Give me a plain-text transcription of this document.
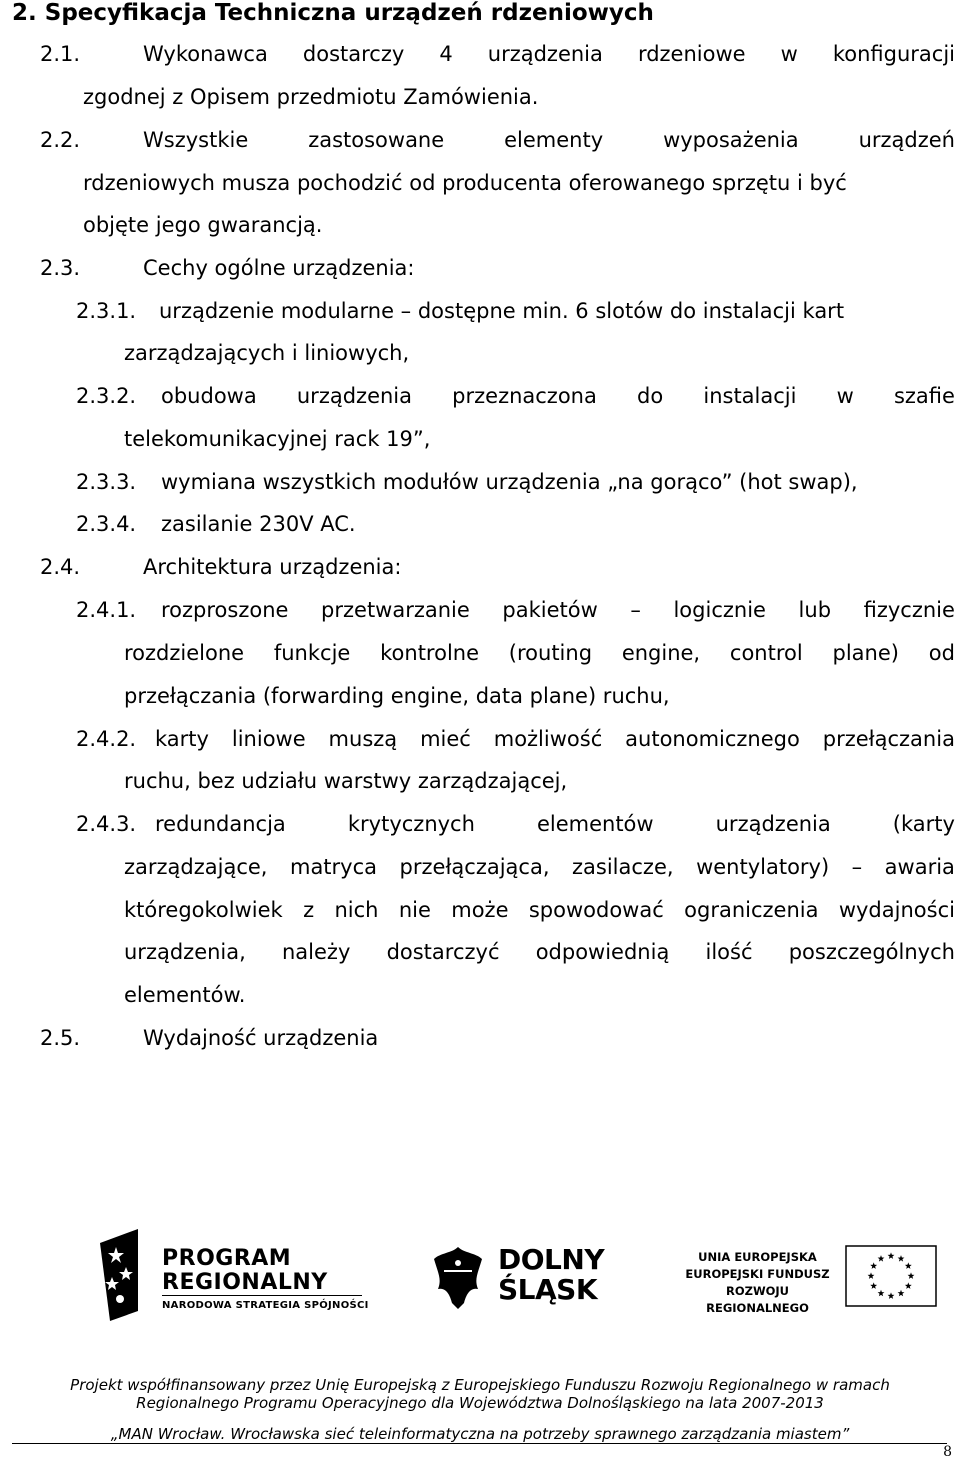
2. Specyfikacja Techniczna urządzeń rdzeniowych
2.1.	Wykonawca dostarczy 4 urządzenia rdzeniowe w konfiguracji
zgodnej z Opisem przedmiotu Zamówienia.
2.2.	Wszystkie	zastosowane	elementy	wyposażenia	urządzeń
rdzeniowych musza pochodzić od producenta oferowanego sprzętu i być
objęte jego gwarancją.
2.3.	Cechy ogólne urządzenia:
2.3.1. urządzenie modularne – dostępne min. 6 slotów do instalacji kart
zarządzających i liniowych,
2.3.2. obudowa urządzenia przeznaczona do instalacji w szafie
telekomunikacyjnej rack 19”,
2.3.3. wymiana wszystkich modułów urządzenia „na gorąco” (hot swap),
2.3.4. zasilanie 230V AC.
2.4.	Architektura urządzenia:
2.4.1. rozproszone przetwarzanie pakietów – logicznie lub fizycznie
rozdzielone funkcje kontrolne (routing engine, control plane) od
przełączania (forwarding engine, data plane) ruchu,
2.4.2. karty liniowe muszą mieć możliwość autonomicznego przełączania
ruchu, bez udziału warstwy zarządzającej,
2.4.3. redundancja	krytycznych	elementów	urządzenia	(karty
zarządzające, matryca przełączająca, zasilacze, wentylatory) – awaria
któregokolwiek z nich nie może spowodować ograniczenia wydajności
urządzenia, należy dostarczyć odpowiednią ilość poszczególnych
elementów.
2.5.	Wydajność urządzenia
PROGRAM
REGIONALNY
NARODOWA STRATEGIA SPÓJNOŚCI
DOLNY
ŚLĄSK
UNIA EUROPEJSKA
EUROPEJSKI FUNDUSZ
ROZWOJU REGIONALNEGO
Projekt współfinansowany przez Unię Europejską z Europejskiego Funduszu Rozwoju Regionalnego w ramach
Regionalnego Programu Operacyjnego dla Województwa Dolnośląskiego na lata 2007-2013
„MAN Wrocław. Wrocławska sieć teleinformatyczna na potrzeby sprawnego zarządzania miastem”
8
